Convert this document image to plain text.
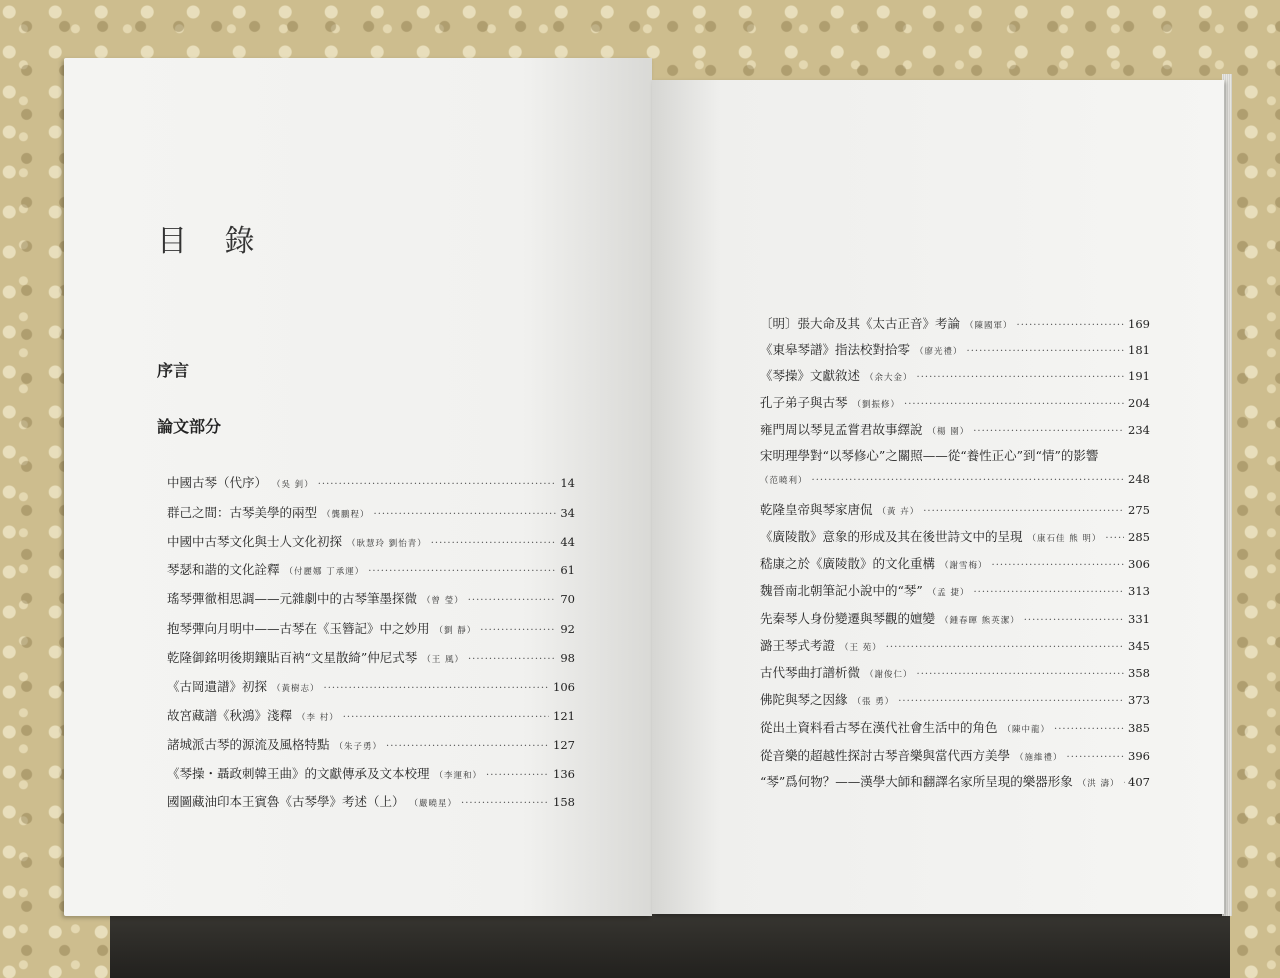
目 錄
序言
論文部分
中國古琴（代序） （吳 釗） ·····	14
群己之間：古琴美學的兩型 （龔鵬程） ·····	34
中國中古琴文化與士人文化初探 （耿慧玲 劉怡青） ·····	44
琴瑟和諧的文化詮釋 （付麗娜 丁承運） ·····	61
瑤琴彈徹相思調——元雜劇中的古琴筆墨探微 （曾 瑩） ·····	70
抱琴彈向月明中——古琴在《玉簪記》中之妙用 （劉 靜） ·····	92
乾隆御銘明後期鑲貼百衲“文星散綺”仲尼式琴 （王 風） ·····	98
《古岡遺譜》初探 （黃樹志） ·····	106
故宮藏譜《秋鴻》淺釋 （李 村） ·····	121
諸城派古琴的源流及風格特點 （朱子勇） ·····	127
《琴操・聶政刺韓王曲》的文獻傳承及文本校理 （李運和） ·····	136
國圖藏油印本王賓魯《古琴學》考述（上） （嚴曉星） ·····	158
〔明〕張大命及其《太古正音》考論 （陳國軍） ·····	169
《東皋琴譜》指法校對拾零 （廖光禮） ·····	181
《琴操》文獻敘述 （余大金） ·····	191
孔子弟子與古琴 （劉振修） ·····	204
雍門周以琴見孟嘗君故事繹說 （楊 園） ·····	234
宋明理學對“以琴修心”之關照——從“養性正心”到“情”的影響
（范曉利） ·····	248
乾隆皇帝與琴家唐侃 （黃 卉） ·····	275
《廣陵散》意象的形成及其在後世詩文中的呈現 （康石佳 熊 明） ····· 285
嵇康之於《廣陵散》的文化重構 （謝雪梅） ·····	306
魏晉南北朝筆記小說中的“琴” （孟 捷） ·····	313
先秦琴人身份變遷與琴觀的嬗變 （鍾春暉 熊英潔） ·····	331
潞王琴式考證 （王 苑） ·····	345
古代琴曲打譜析微 （謝俊仁） ·····	358
佛陀與琴之因緣 （張 勇） ·····	373
從出土資料看古琴在漢代社會生活中的角色 （陳中龍） ·····	385
從音樂的超越性探討古琴音樂與當代西方美學 （施維禮） ·····	396
“琴”爲何物？——漢學大師和翻譯名家所呈現的樂器形象 （洪 濤） ····· 407
